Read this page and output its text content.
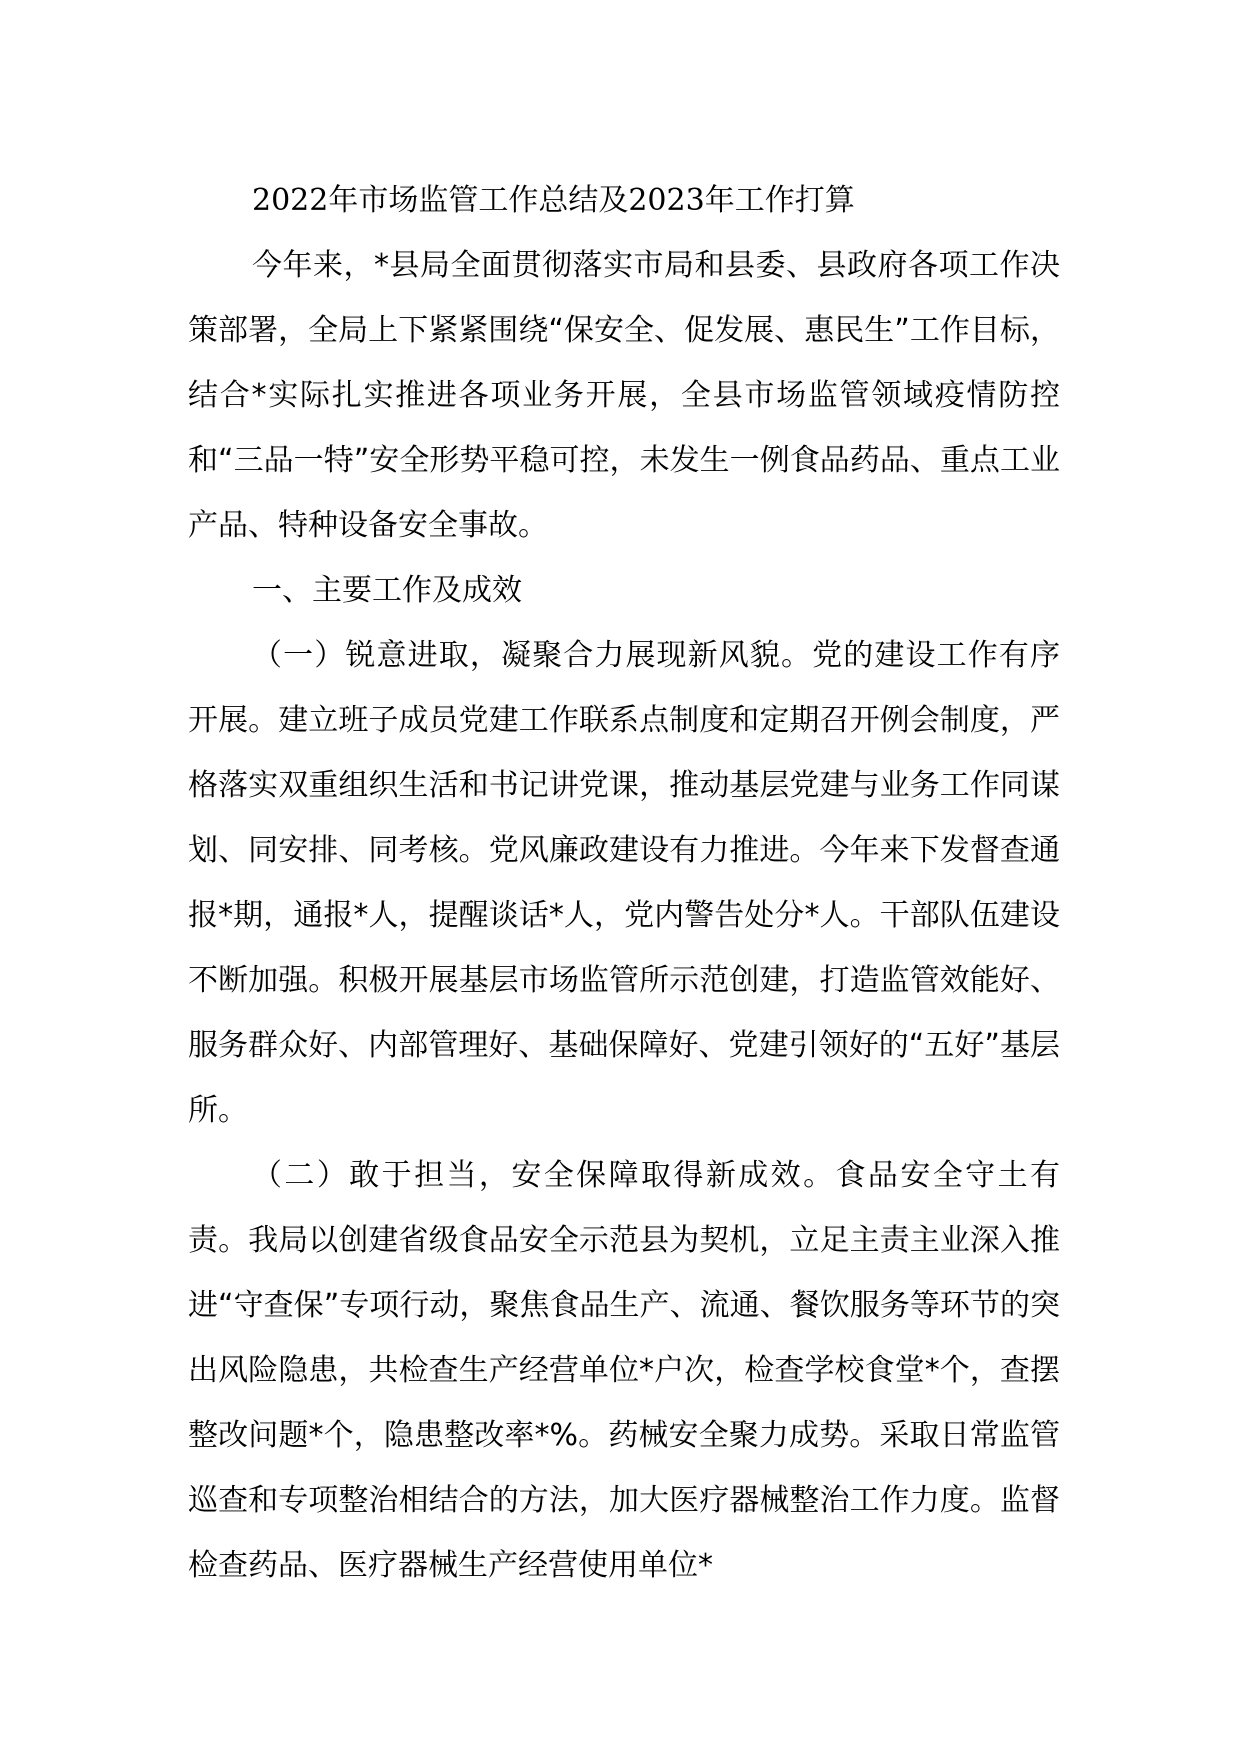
2022年市场监管工作总结及2023年工作打算

今年来，*县局全面贯彻落实市局和县委、县政府各项工作决策部署，全局上下紧紧围绕“保安全、促发展、惠民生”工作目标，结合*实际扎实推进各项业务开展，全县市场监管领域疫情防控和“三品一特”安全形势平稳可控，未发生一例食品药品、重点工业产品、特种设备安全事故。

一、主要工作及成效

（一）锐意进取，凝聚合力展现新风貌。党的建设工作有序开展。建立班子成员党建工作联系点制度和定期召开例会制度，严格落实双重组织生活和书记讲党课，推动基层党建与业务工作同谋划、同安排、同考核。党风廉政建设有力推进。今年来下发督查通报*期，通报*人，提醒谈话*人，党内警告处分*人。干部队伍建设不断加强。积极开展基层市场监管所示范创建，打造监管效能好、服务群众好、内部管理好、基础保障好、党建引领好的“五好”基层所。

（二）敢于担当，安全保障取得新成效。食品安全守土有责。我局以创建省级食品安全示范县为契机，立足主责主业深入推进“守查保”专项行动，聚焦食品生产、流通、餐饮服务等环节的突出风险隐患，共检查生产经营单位*户次，检查学校食堂*个，查摆整改问题*个，隐患整改率*%。药械安全聚力成势。采取日常监管巡查和专项整治相结合的方法，加大医疗器械整治工作力度。监督检查药品、医疗器械生产经营使用单位*
